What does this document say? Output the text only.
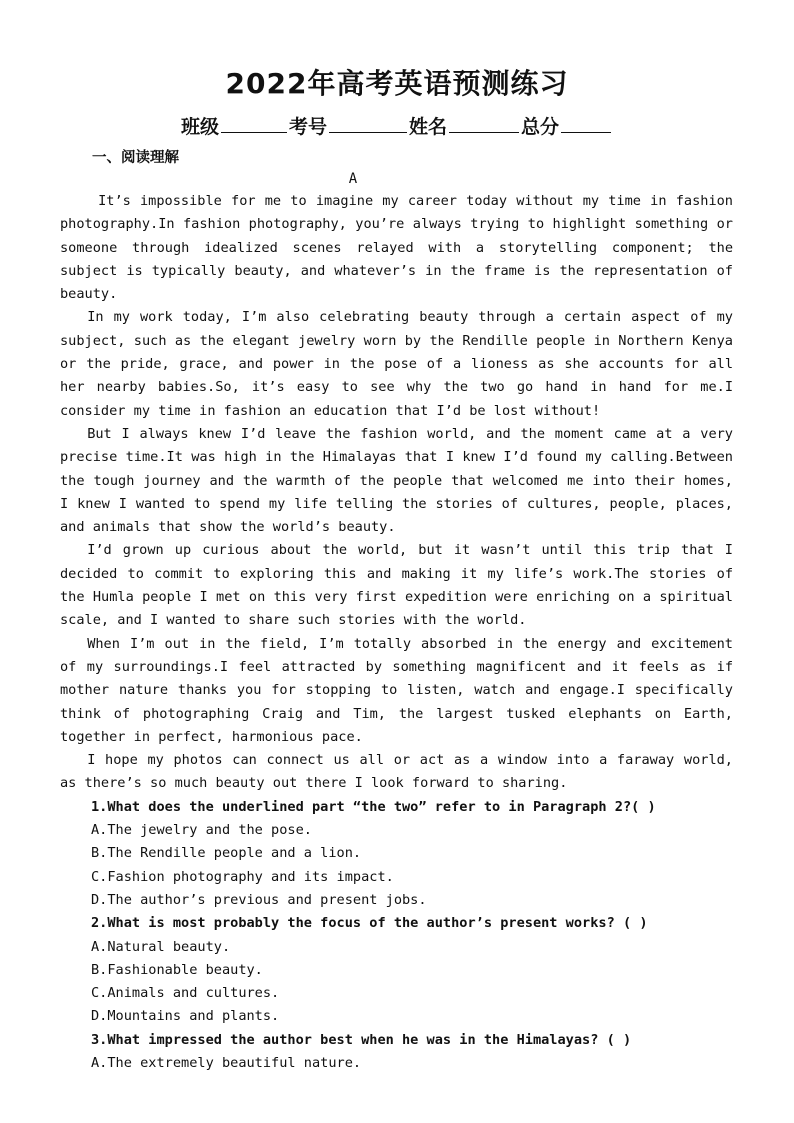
2022年高考英语预测练习
班级	考号	姓名	总分
一、阅读理解
A

It’s impossible for me to imagine my career today without my time in fashion photography.In fashion photography, you’re always trying to highlight something or someone through idealized scenes relayed with a storytelling component; the subject is typically beauty, and whatever’s in the frame is the representation of beauty.

In my work today, I’m also celebrating beauty through a certain aspect of my subject, such as the elegant jewelry worn by the Rendille people in Northern Kenya or the pride, grace, and power in the pose of a lioness as she accounts for all her nearby babies.So, it’s easy to see why the two go hand in hand for me.I consider my time in fashion an education that I’d be lost without!

But I always knew I’d leave the fashion world, and the moment came at a very precise time.It was high in the Himalayas that I knew I’d found my calling.Between the tough journey and the warmth of the people that welcomed me into their homes, I knew I wanted to spend my life telling the stories of cultures, people, places, and animals that show the world’s beauty.

I’d grown up curious about the world, but it wasn’t until this trip that I decided to commit to exploring this and making it my life’s work.The stories of the Humla people I met on this very first expedition were enriching on a spiritual scale, and I wanted to share such stories with the world.

When I’m out in the field, I’m totally absorbed in the energy and excitement of my surroundings.I feel attracted by something magnificent and it feels as if mother nature thanks you for stopping to listen, watch and engage.I specifically think of photographing Craig and Tim, the largest tusked elephants on Earth, together in perfect, harmonious pace.

I hope my photos can connect us all or act as a window into a faraway world, as there’s so much beauty out there I look forward to sharing.

1.What does the underlined part “the two” refer to in Paragraph 2?( )

A.The jewelry and the pose.

B.The Rendille people and a lion.

C.Fashion photography and its impact.

D.The author’s previous and present jobs.

2.What is most probably the focus of the author’s present works? ( )

A.Natural beauty.

B.Fashionable beauty.

C.Animals and cultures.

D.Mountains and plants.

3.What impressed the author best when he was in the Himalayas? ( )

A.The extremely beautiful nature.
